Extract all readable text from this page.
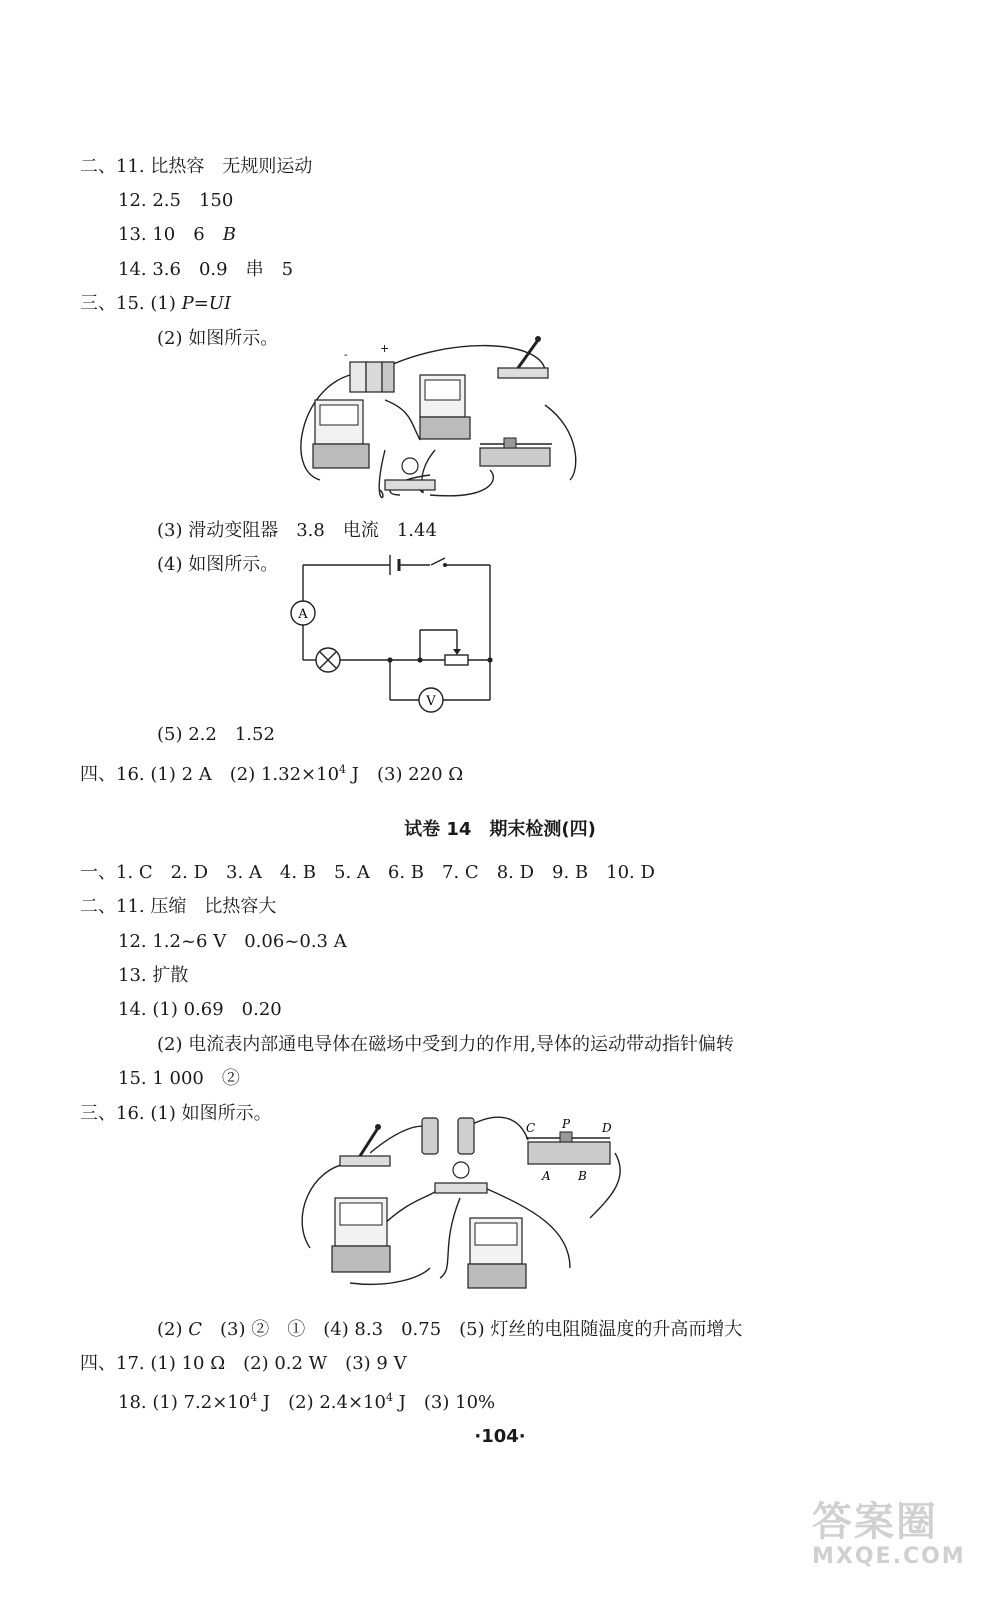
二、11. 比热容　无规则运动
12. 2.5　150
13. 10　6　B
14. 3.6　0.9　串　5
三、15. (1) P=UI
(2) 如图所示。
-	+
(3) 滑动变阻器　3.8　电流　1.44
(4) 如图所示。
A
V
(5) 2.2　1.52
四、16. (1) 2 A　(2) $1.32\times 10^4$ J　(3) 220 Ω
试卷 14　期末检测(四)
一、1. C　2. D　3. A　4. B　5. A　6. B　7. C　8. D　9. B　10. D
二、11. 压缩　比热容大
12. 1.2~6 V　0.06~0.3 A
13. 扩散
14. (1) 0.69　0.20
(2) 电流表内部通电导体在磁场中受到力的作用,导体的运动带动指针偏转
15. 1 000　②
三、16. (1) 如图所示。
C P	D
A B
(2) C　(3) ②　①　(4) 8.3　0.75　(5) 灯丝的电阻随温度的升高而增大
四、17. (1) 10 Ω　(2) 0.2 W　(3) 9 V
18. (1) $7.2\times 10^4$ J　(2) $2.4\times 10^4$ J　(3) 10%
·104·
答案圈
MXQE.COM
